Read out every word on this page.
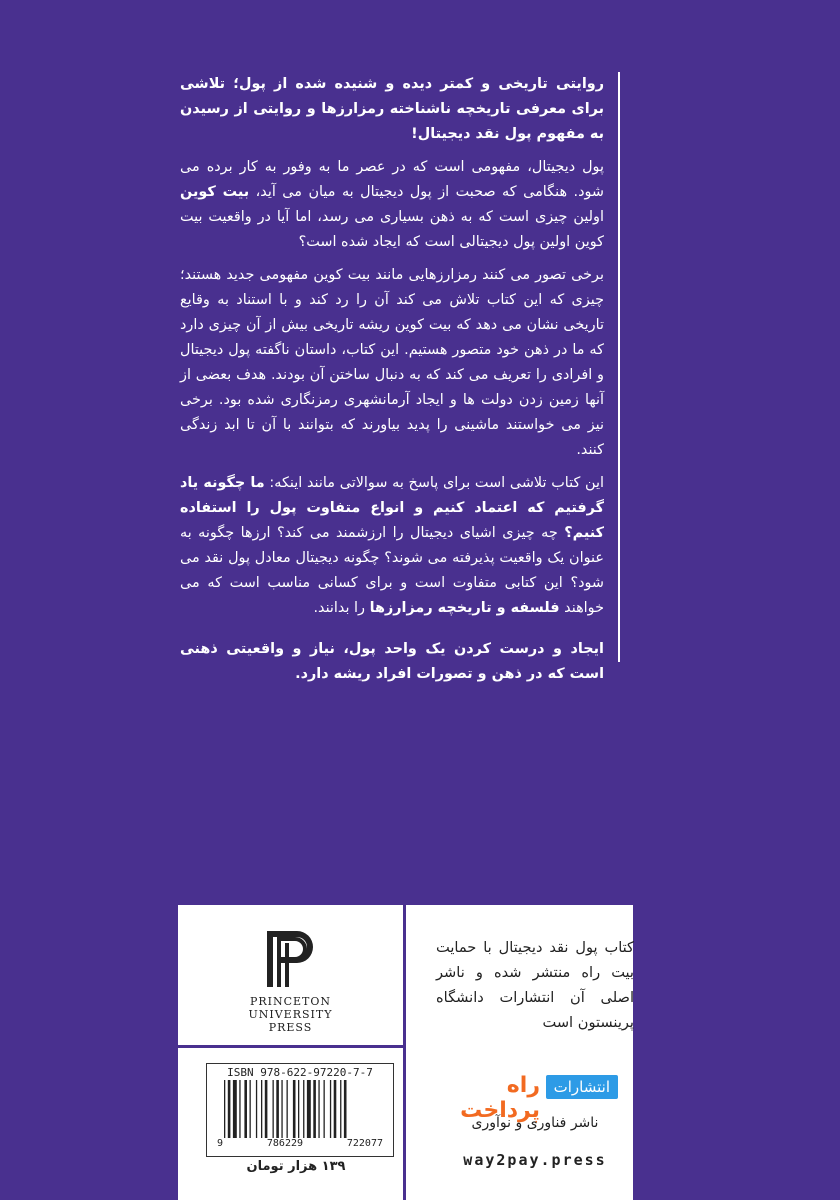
روایتی تاریخی و کمتر دیده و شنیده شده از پول؛ تلاشی برای معرفی تاریخچه ناشناخته رمزارزها و روایتی از رسیدن به مفهوم پول نقد دیجیتال!

پول دیجیتال، مفهومی است که در عصر ما به وفور به کار برده می شود. هنگامی که صحبت از پول دیجیتال به میان می آید، بیت کوین اولین چیزی است که به ذهن بسیاری می رسد، اما آیا در واقعیت بیت کوین اولین پول دیجیتالی است که ایجاد شده است؟

برخی تصور می کنند رمزارزهایی مانند بیت کوین مفهومی جدید هستند؛ چیزی که این کتاب تلاش می کند آن را رد کند و با استناد به وقایع تاریخی نشان می دهد که بیت کوین ریشه تاریخی بیش از آن چیزی دارد که ما در ذهن خود متصور هستیم. این کتاب، داستان ناگفته پول دیجیتال و افرادی را تعریف می کند که به دنبال ساختن آن بودند. هدف بعضی از آنها زمین زدن دولت ها و ایجاد آرمانشهری رمزنگاری شده بود. برخی نیز می خواستند ماشینی را پدید بیاورند که بتوانند با آن تا ابد زندگی کنند.

این کتاب تلاشی است برای پاسخ به سوالاتی مانند اینکه: ما چگونه یاد گرفتیم که اعتماد کنیم و انواع متفاوت پول را استفاده کنیم؟ چه چیزی اشیای دیجیتال را ارزشمند می کند؟ ارزها چگونه به عنوان یک واقعیت پذیرفته می شوند؟ چگونه دیجیتال معادل پول نقد می شود؟ این کتابی متفاوت است و برای کسانی مناسب است که می خواهند فلسفه و تاریخچه رمزارزها را بدانند.

ایجاد و درست کردن یک واحد پول، نیاز و واقعیتی ذهنی است که در ذهن و تصورات افراد ریشه دارد.

کتاب پول نقد دیجیتال با حمایت بیت راه منتشر شده و ناشر اصلی آن انتشارات دانشگاه پرینستون است
PRINCETON
UNIVERSITY
PRESS
ISBN 978-622-97220-7-7
9	786229	722077
۱۳۹ هزار تومان
انتشارات
راه پرداخت
ناشر فناوری و نوآوری
way2pay.press
